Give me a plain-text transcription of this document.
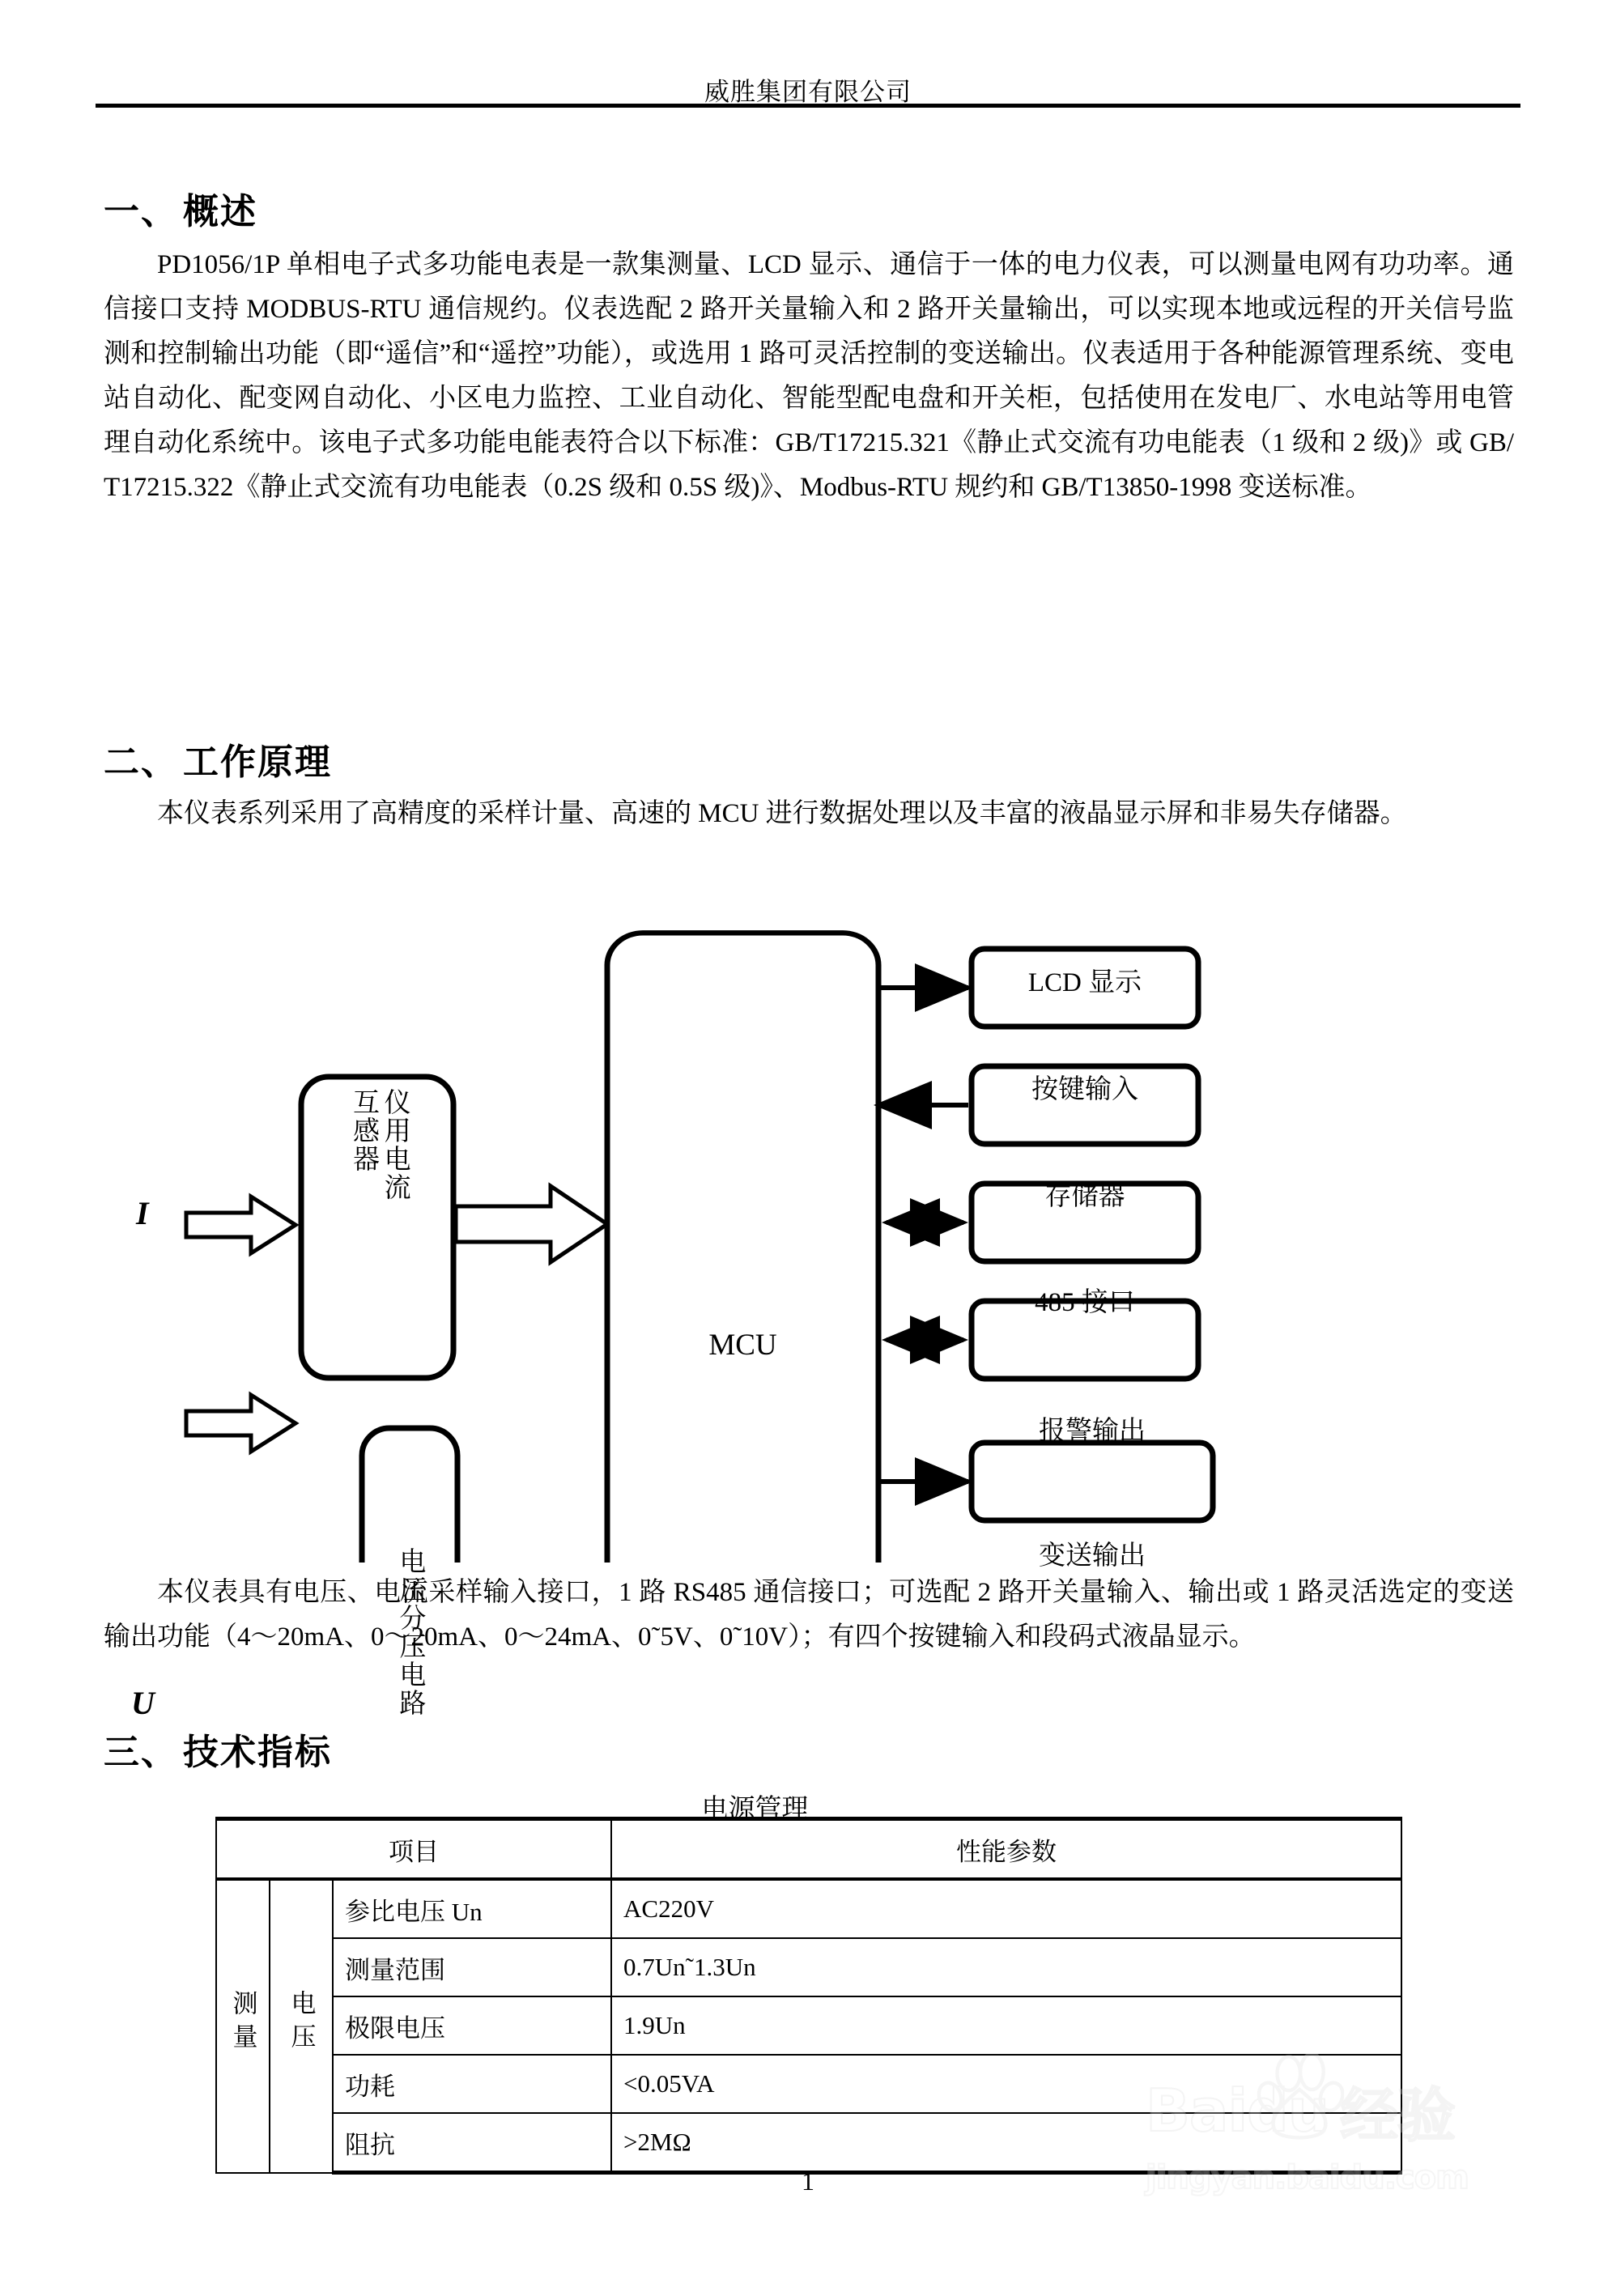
威胜集团有限公司
一、 概述
PD1056/1P 单相电子式多功能电表是一款集测量、LCD 显示、通信于一体的电力仪表，可以测量电网有功功率。通信接口支持 MODBUS-RTU 通信规约。仪表选配 2 路开关量输入和 2 路开关量输出，可以实现本地或远程的开关信号监测和控制输出功能（即“遥信”和“遥控”功能），或选用 1 路可灵活控制的变送输出。仪表适用于各种能源管理系统、变电站自动化、配变网自动化、小区电力监控、工业自动化、智能型配电盘和开关柜，包括使用在发电厂、水电站等用电管理自动化系统中。该电子式多功能电能表符合以下标准：GB/T17215.321《静止式交流有功电能表（1 级和 2 级)》或 GB/T17215.322《静止式交流有功电能表（0.2S 级和 0.5S 级)》、Modbus-RTU 规约和 GB/T13850-1998 变送标准。
二、 工作原理
本仪表系列采用了高精度的采样计量、高速的 MCU 进行数据处理以及丰富的液晶显示屏和非易失存储器。
I
U
仪用电流
互感器
电压分压电路
MCU
电源管理
LCD 显示
按键输入
存储器
485 接口
报警输出
变送输出
本仪表具有电压、电流采样输入接口，1 路 RS485 通信接口；可选配 2 路开关量输入、输出或 1 路灵活选定的变送输出功能（4～20mA、0～20mA、0～24mA、0˜5V、0˜10V）；有四个按键输入和段码式液晶显示。
三、 技术指标
项目			性能参数
测量	电压	参比电压 Un	AC220V
		测量范围	0.7Un˜1.3Un
		极限电压	1.9Un
		功耗	<0.05VA
		阻抗	>2MΩ	Bai du 经验
jingyan.baidu.com
1
